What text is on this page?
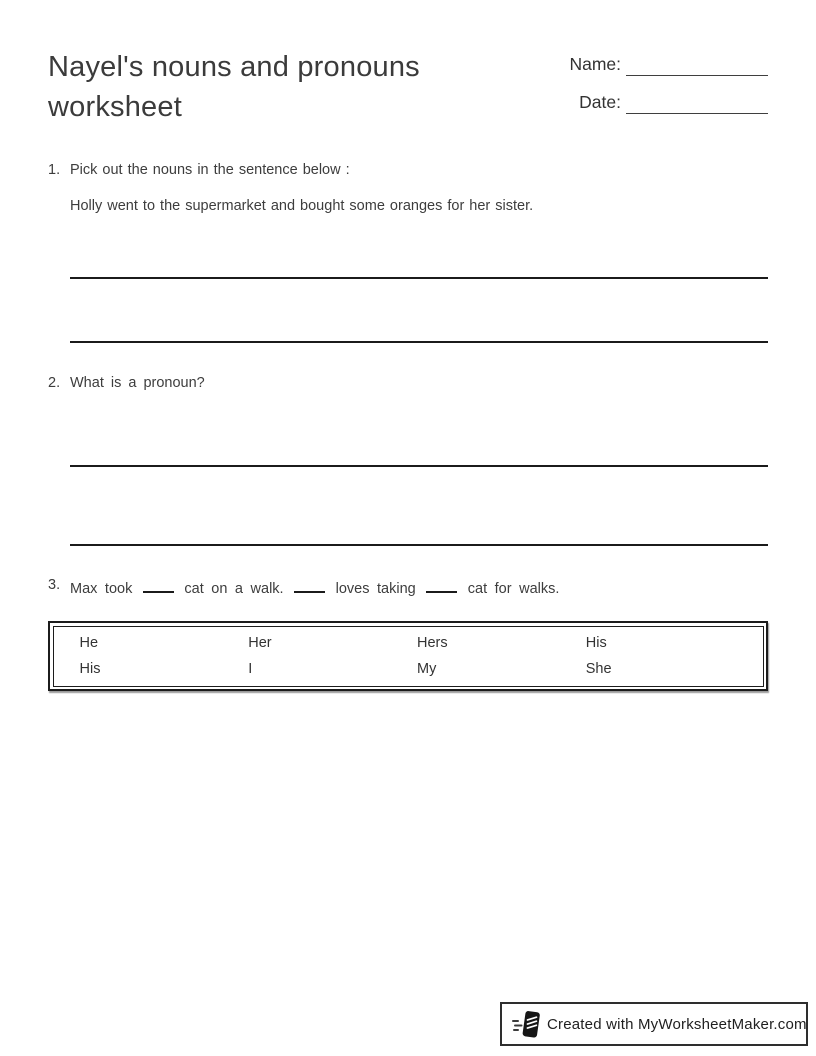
Nayel's nouns and pronouns worksheet
Name:
Date:
1. Pick out the nouns in the sentence below :
Holly went to the supermarket and bought some oranges for her sister.
2. What is a pronoun?
3. Max took	cat on a walk.	loves taking	cat for walks.
He	Her	Hers	His
His	I	My	She
Created with MyWorksheetMaker.com
